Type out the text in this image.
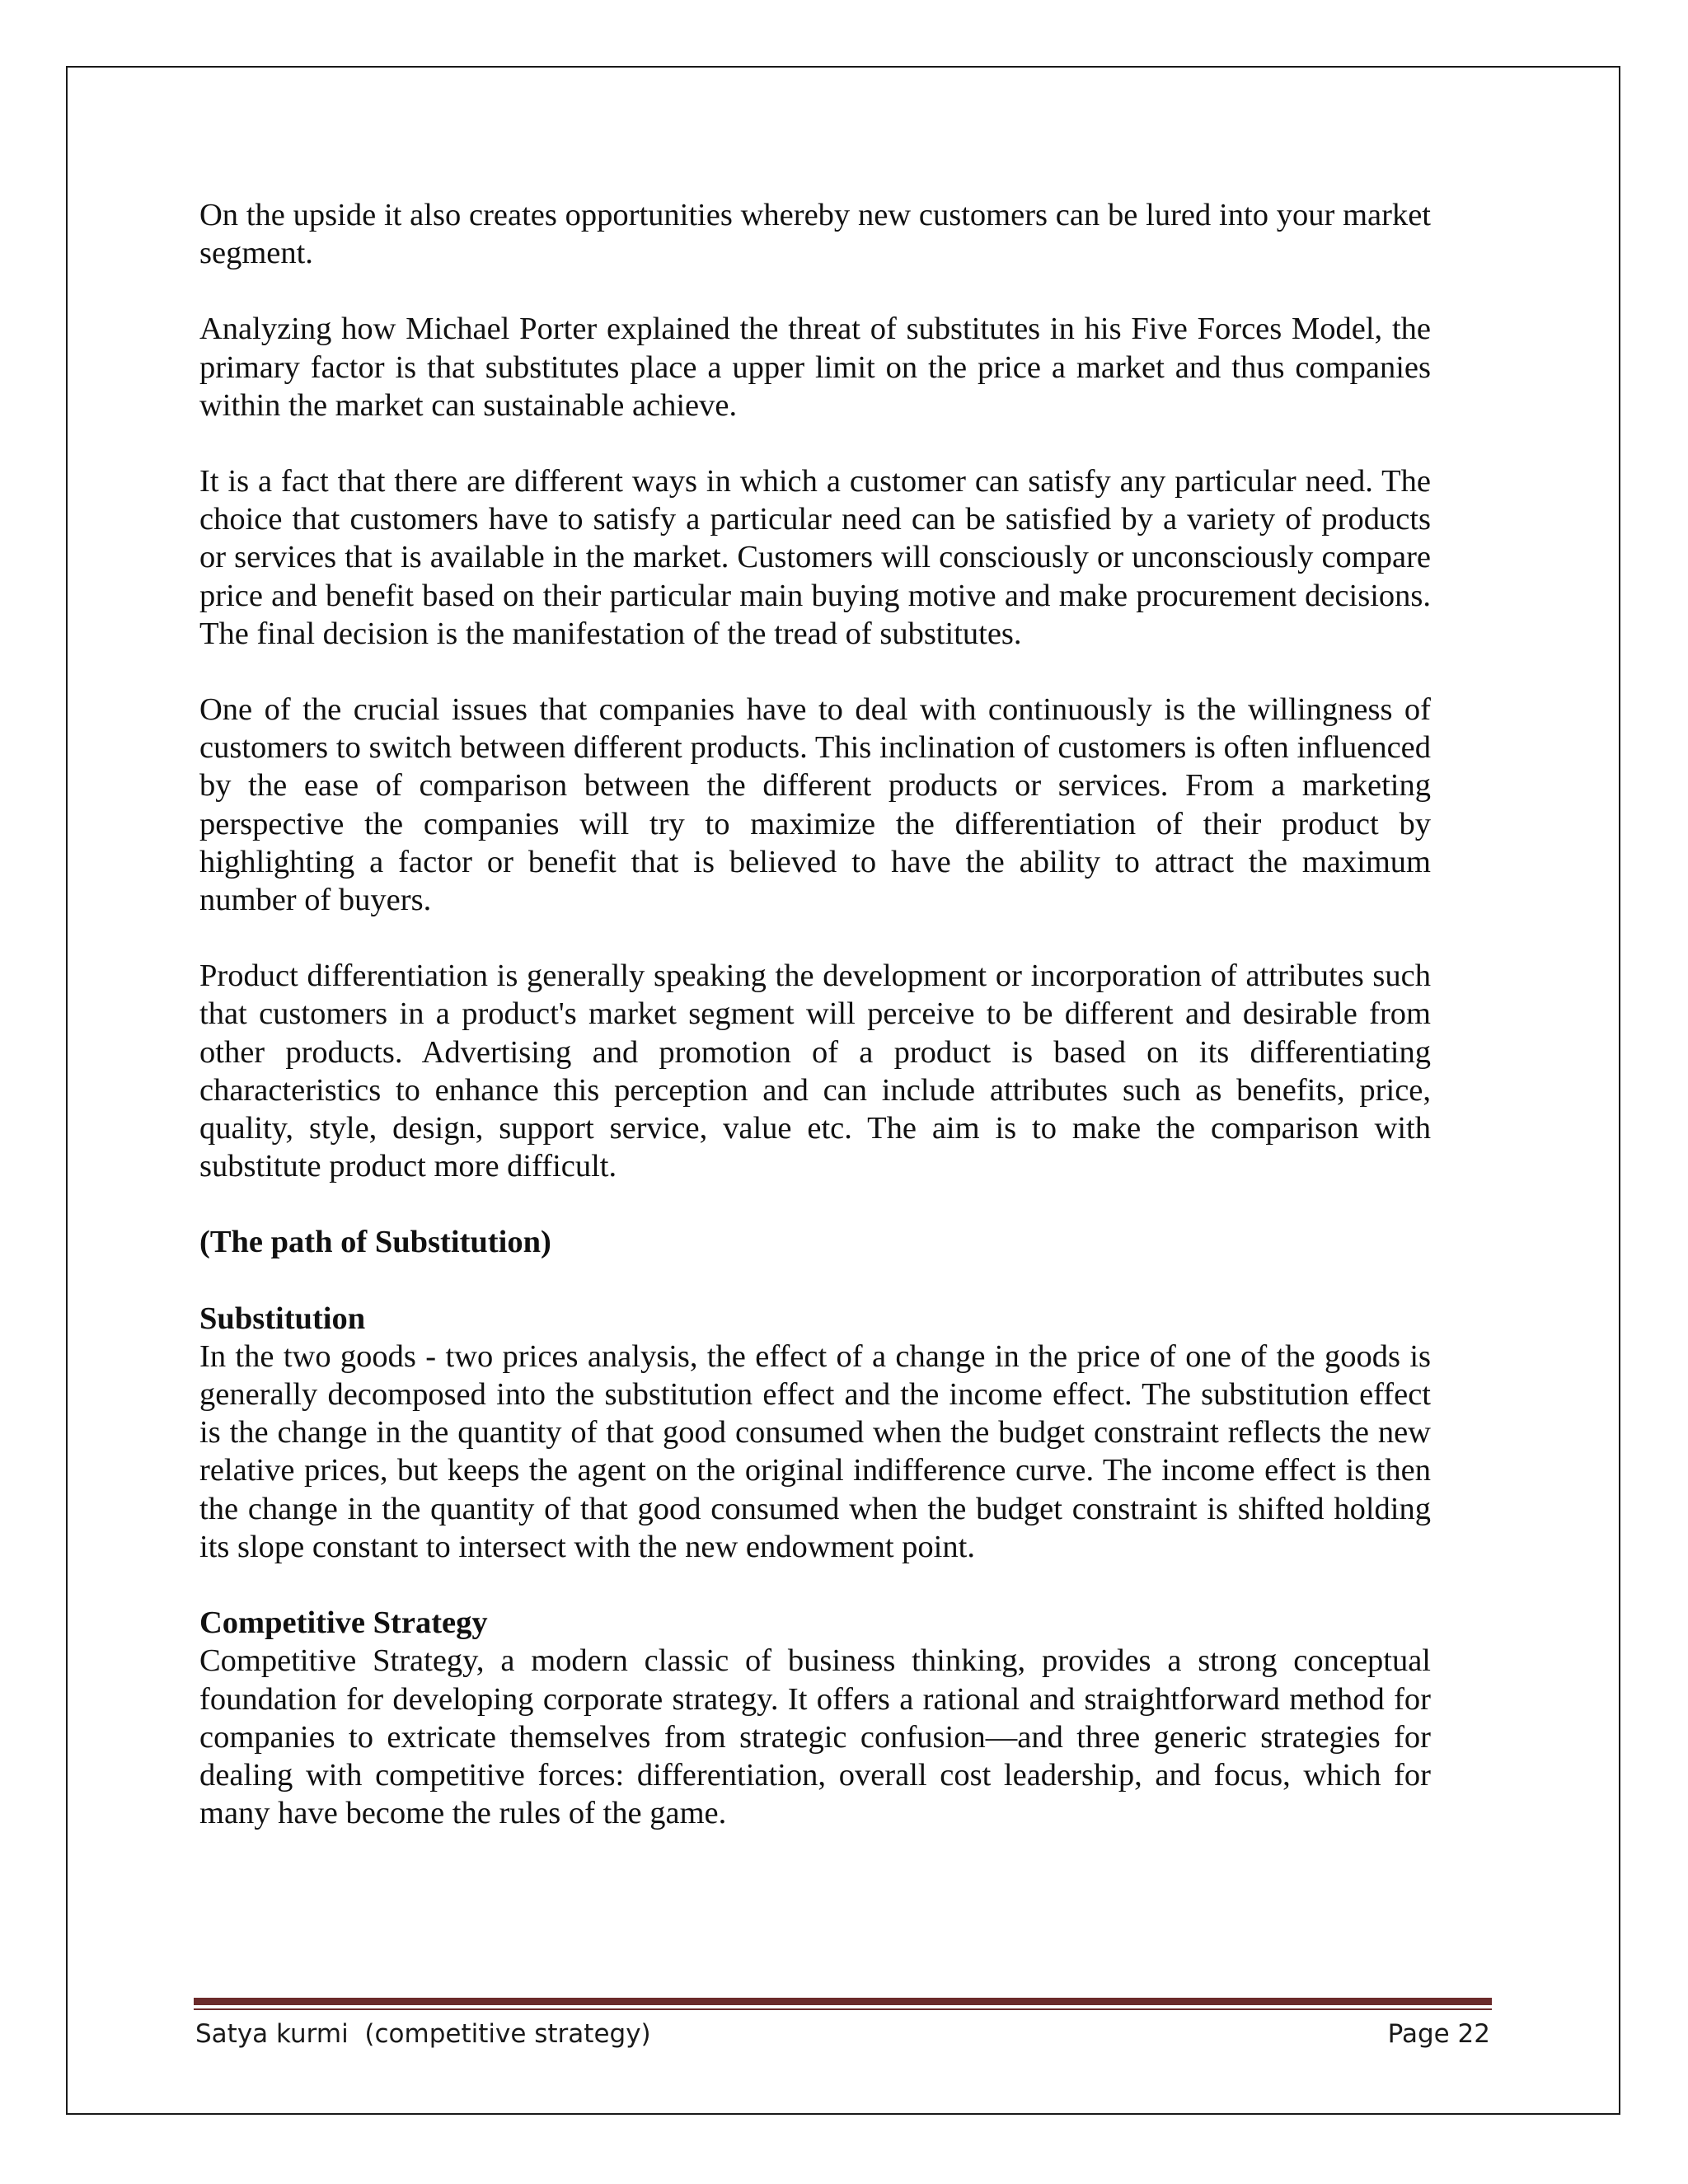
On the upside it also creates opportunities whereby new customers can be lured into your market segment.

Analyzing how Michael Porter explained the threat of substitutes in his Five Forces Model, the primary factor is that substitutes place a upper limit on the price a market and thus companies within the market can sustainable achieve.

It is a fact that there are different ways in which a customer can satisfy any particular need. The choice that customers have to satisfy a particular need can be satisfied by a variety of products or services that is available in the market. Customers will consciously or unconsciously compare price and benefit based on their particular main buying motive and make procurement decisions. The final decision is the manifestation of the tread of substitutes.

One of the crucial issues that companies have to deal with continuously is the willingness of customers to switch between different products. This inclination of customers is often influenced by the ease of comparison between the different products or services. From a marketing perspective the companies will try to maximize the differentiation of their product by highlighting a factor or benefit that is believed to have the ability to attract the maximum number of buyers.

Product differentiation is generally speaking the development or incorporation of attributes such that customers in a product's market segment will perceive to be different and desirable from other products. Advertising and promotion of a product is based on its differentiating characteristics to enhance this perception and can include attributes such as benefits, price, quality, style, design, support service, value etc. The aim is to make the comparison with substitute product more difficult.

(The path of Substitution)

Substitution

In the two goods - two prices analysis, the effect of a change in the price of one of the goods is generally decomposed into the substitution effect and the income effect. The substitution effect is the change in the quantity of that good consumed when the budget constraint reflects the new relative prices, but keeps the agent on the original indifference curve. The income effect is then the change in the quantity of that good consumed when the budget constraint is shifted holding its slope constant to intersect with the new endowment point.

Competitive Strategy

Competitive Strategy, a modern classic of business thinking, provides a strong conceptual foundation for developing corporate strategy. It offers a rational and straightforward method for companies to extricate themselves from strategic confusion—and three generic strategies for dealing with competitive forces: differentiation, overall cost leadership, and focus, which for many have become the rules of the game.

Satya kurmi  (competitive strategy)	Page 22
